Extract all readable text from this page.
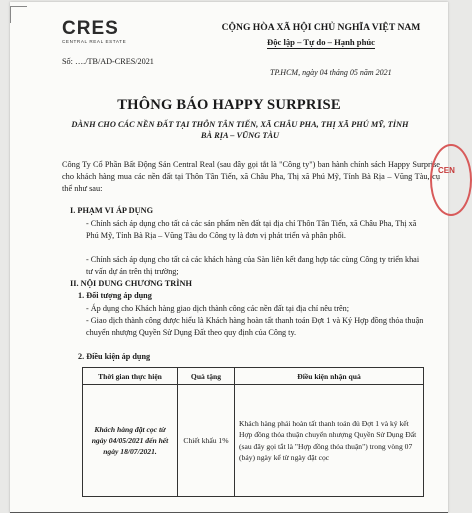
CRES
CENTRAL REAL ESTATE
CỘNG HÒA XÃ HỘI CHỦ NGHĨA VIỆT NAM
Độc lập – Tự do – Hạnh phúc
Số: …./TB/AD-CRES/2021
TP.HCM, ngày 04 tháng 05 năm 2021
THÔNG BÁO HAPPY SURPRISE
DÀNH CHO CÁC NỀN ĐẤT TẠI THÔN TÂN TIẾN, XÃ CHÂU PHA, THỊ XÃ PHÚ MỸ, TỈNH BÀ RỊA – VŨNG TÀU
Công Ty Cổ Phần Bất Động Sản Central Real (sau đây gọi tắt là "Công ty") ban hành chính sách Happy Surprise cho khách hàng mua các nền đất tại Thôn Tân Tiến, xã Châu Pha, Thị xã Phú Mỹ, Tỉnh Bà Rịa – Vũng Tàu, cụ thể như sau:
CEN
I. PHẠM VI ÁP DỤNG
- Chính sách áp dụng cho tất cả các sản phẩm nền đất tại địa chỉ Thôn Tân Tiến, xã Châu Pha, Thị xã Phú Mỹ, Tỉnh Bà Rịa – Vũng Tàu do Công ty là đơn vị phát triển và phân phối.
- Chính sách áp dụng cho tất cả các khách hàng của Sàn liên kết đang hợp tác cùng Công ty triển khai tư vấn dự án trên thị trường;
II. NỘI DUNG CHƯƠNG TRÌNH
1. Đối tượng áp dụng
- Áp dụng cho Khách hàng giao dịch thành công các nền đất tại địa chỉ nêu trên;
- Giao dịch thành công được hiểu là Khách hàng hoàn tất thanh toán Đợt 1 và Ký Hợp đồng thỏa thuận chuyển nhượng Quyền Sử Dụng Đất theo quy định của Công ty.
2. Điều kiện áp dụng
Thời gian thực hiện	Quà tặng	Điều kiện nhận quà
Khách hàng đặt cọc từ ngày 04/05/2021 đến hết ngày 18/07/2021.	Chiết khấu 1%	Khách hàng phải hoàn tất thanh toán đủ Đợt 1 và ký kết Hợp đồng thỏa thuận chuyển nhượng Quyền Sử Dụng Đất (sau đây gọi tắt là "Hợp đồng thỏa thuận") trong vòng 07 (bảy) ngày kể từ ngày đặt cọc
